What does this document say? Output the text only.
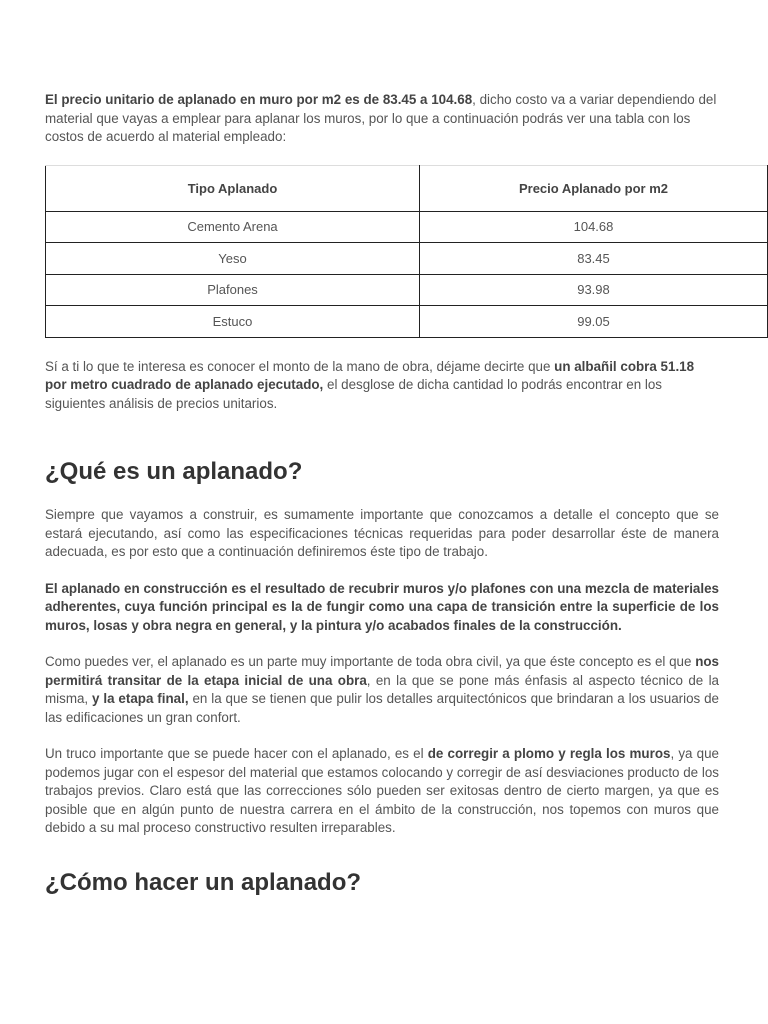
El precio unitario de aplanado en muro por m2 es de 83.45 a 104.68, dicho costo va a variar dependiendo del material que vayas a emplear para aplanar los muros, por lo que a continuación podrás ver una tabla con los costos de acuerdo al material empleado:

Tipo Aplanado	Precio Aplanado por m2
Cemento Arena	104.68
Yeso	83.45
Plafones	93.98
Estuco	99.05

Sí a ti lo que te interesa es conocer el monto de la mano de obra, déjame decirte que un albañil cobra 51.18 por metro cuadrado de aplanado ejecutado, el desglose de dicha cantidad lo podrás encontrar en los siguientes análisis de precios unitarios.

¿Qué es un aplanado?

Siempre que vayamos a construir, es sumamente importante que conozcamos a detalle el concepto que se estará ejecutando, así como las especificaciones técnicas requeridas para poder desarrollar éste de manera adecuada, es por esto que a continuación definiremos éste tipo de trabajo.

El aplanado en construcción es el resultado de recubrir muros y/o plafones con una mezcla de materiales adherentes, cuya función principal es la de fungir como una capa de transición entre la superficie de los muros, losas y obra negra en general, y la pintura y/o acabados finales de la construcción.

Como puedes ver, el aplanado es un parte muy importante de toda obra civil, ya que éste concepto es el que nos permitirá transitar de la etapa inicial de una obra, en la que se pone más énfasis al aspecto técnico de la misma, y la etapa final, en la que se tienen que pulir los detalles arquitectónicos que brindaran a los usuarios de las edificaciones un gran confort.

Un truco importante que se puede hacer con el aplanado, es el de corregir a plomo y regla los muros, ya que podemos jugar con el espesor del material que estamos colocando y corregir de así desviaciones producto de los trabajos previos. Claro está que las correcciones sólo pueden ser exitosas dentro de cierto margen, ya que es posible que en algún punto de nuestra carrera en el ámbito de la construcción, nos topemos con muros que debido a su mal proceso constructivo resulten irreparables.

¿Cómo hacer un aplanado?
